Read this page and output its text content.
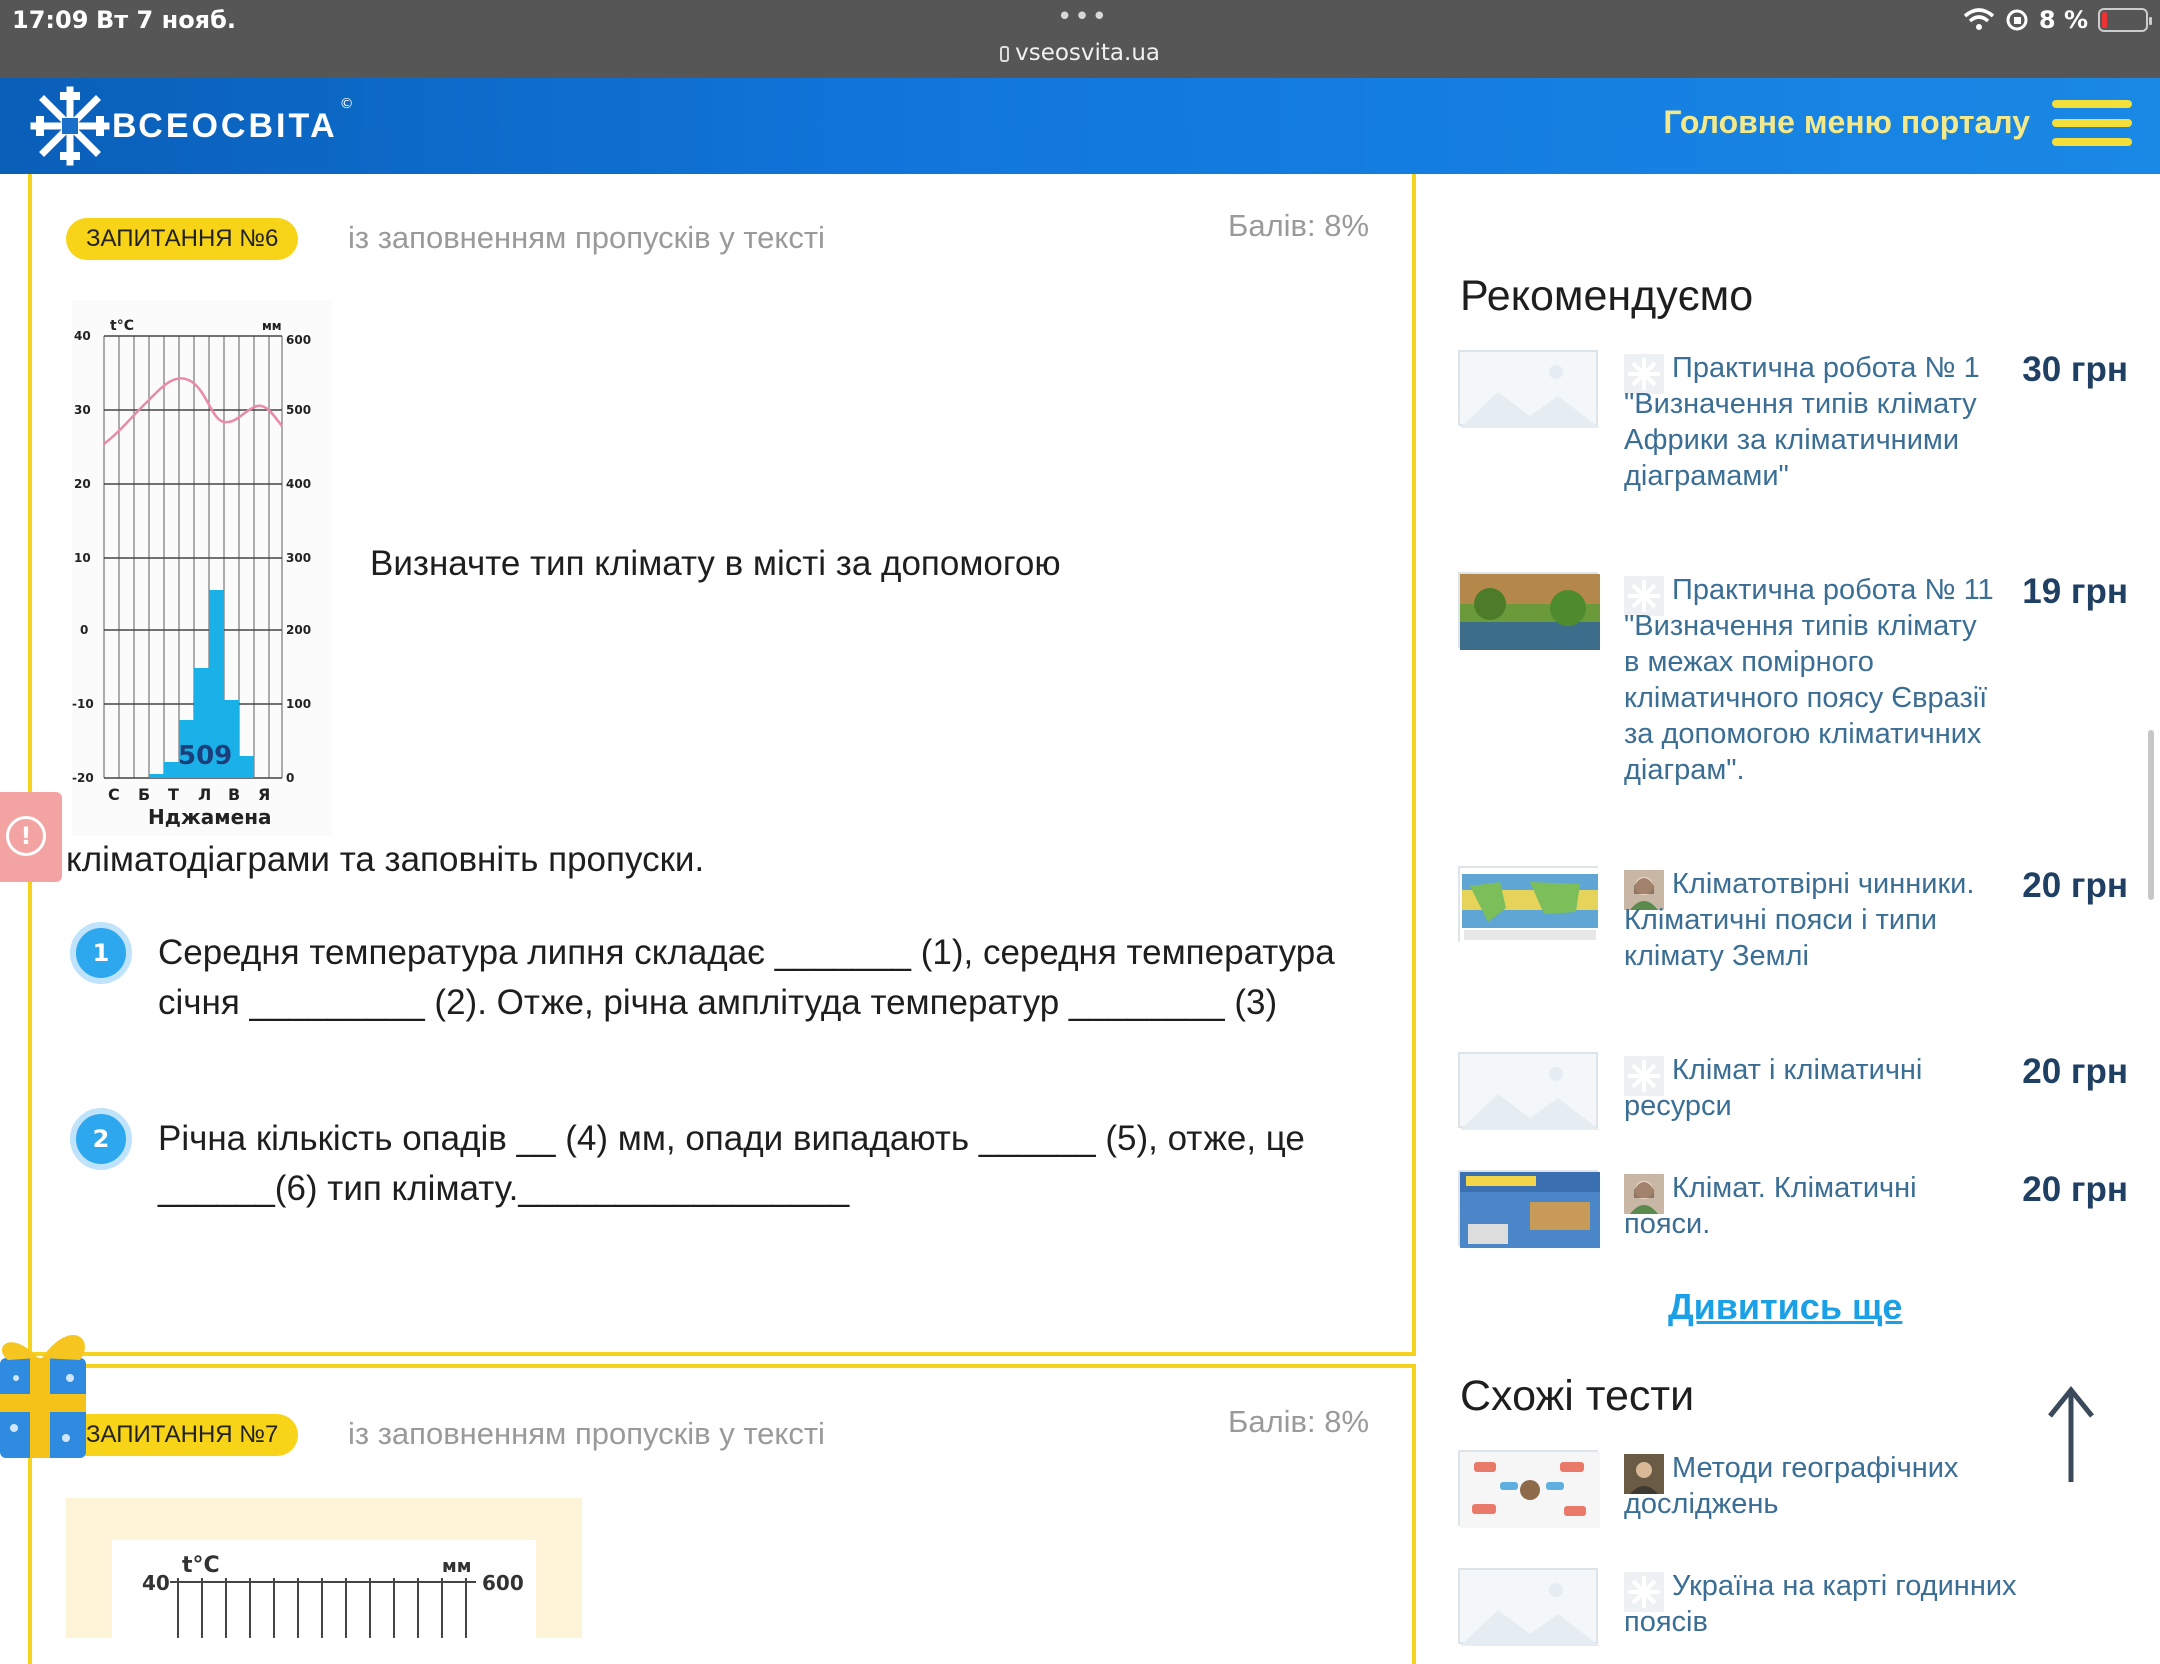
17:09 Вт 7 нояб.	•••
vseosvita.ua
8 %
ВСЕОСВІТА
©	Головне меню порталу
ЗАПИТАННЯ №6	із заповненням пропусків у тексті	Балів: 8%
40
30
20
10
0
-10
-20
600
500
400
300
200
100
0
t°C	мм
509
С Б Т Л В Я
Нджамена
Визначте тип клімату в місті за допомогою
кліматодіаграми та заповніть пропуски.
1	Середня температура липня складає _______ (1), середня температура січня _________ (2). Отже, річна амплітуда температур ________ (3)
2	Річна кількість опадів __ (4) мм, опади випадають ______ (5), отже, це ______(6) тип клімату._________________
ЗАПИТАННЯ №7	із заповненням пропусків у тексті	Балів: 8%
40
t°C	мм
600
!
Рекомендуємо
Практична робота № 1 "Визначення типів клімату Африки за кліматичними діаграмами"
30 грн
Практична робота № 11 "Визначення типів клімату в межах помірного кліматичного поясу Євразії за допомогою кліматичних діаграм".
19 грн
Кліматотвірні чинники. Кліматичні пояси і типи клімату Землі
20 грн
Клімат і кліматичні ресурси
20 грн
Клімат. Кліматичні пояси.
20 грн
Дивитись ще
Схожі тести
Методи географічних досліджень
Україна на карті годинних поясів
